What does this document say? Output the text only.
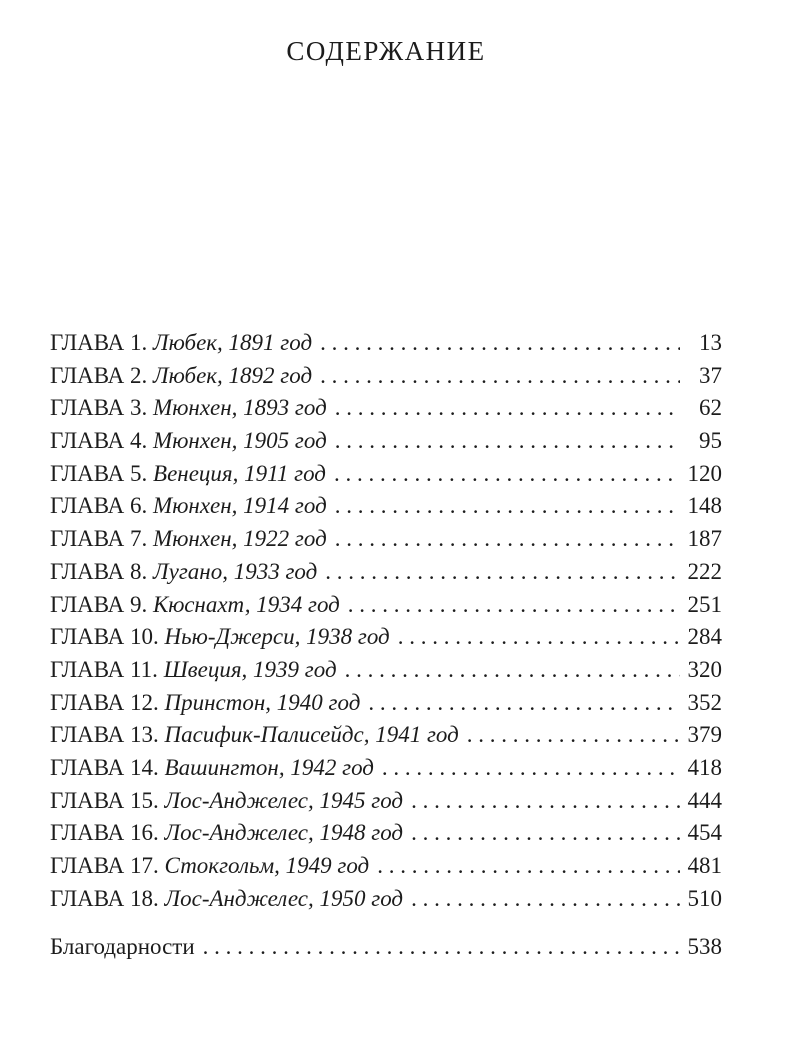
СОДЕРЖАНИЕ
ГЛАВА 1. Любек, 1891 год . . .	13
ГЛАВА 2. Любек, 1892 год . . .	37
ГЛАВА 3. Мюнхен, 1893 год . . .	62
ГЛАВА 4. Мюнхен, 1905 год . . .	95
ГЛАВА 5. Венеция, 1911 год . . .	120
ГЛАВА 6. Мюнхен, 1914 год . . .	148
ГЛАВА 7. Мюнхен, 1922 год . . .	187
ГЛАВА 8. Лугано, 1933 год . . .	222
ГЛАВА 9. Кюснахт, 1934 год . . .	251
ГЛАВА 10. Нью-Джерси, 1938 год . . .	284
ГЛАВА 11. Швеция, 1939 год . . .	320
ГЛАВА 12. Принстон, 1940 год . . .	352
ГЛАВА 13. Пасифик-Палисейдс, 1941 год . . .	379
ГЛАВА 14. Вашингтон, 1942 год . . .	418
ГЛАВА 15. Лос-Анджелес, 1945 год . . .	444
ГЛАВА 16. Лос-Анджелес, 1948 год . . .	454
ГЛАВА 17. Стокгольм, 1949 год . . .	481
ГЛАВА 18. Лос-Анджелес, 1950 год . . .	510
Благодарности . . .	538
